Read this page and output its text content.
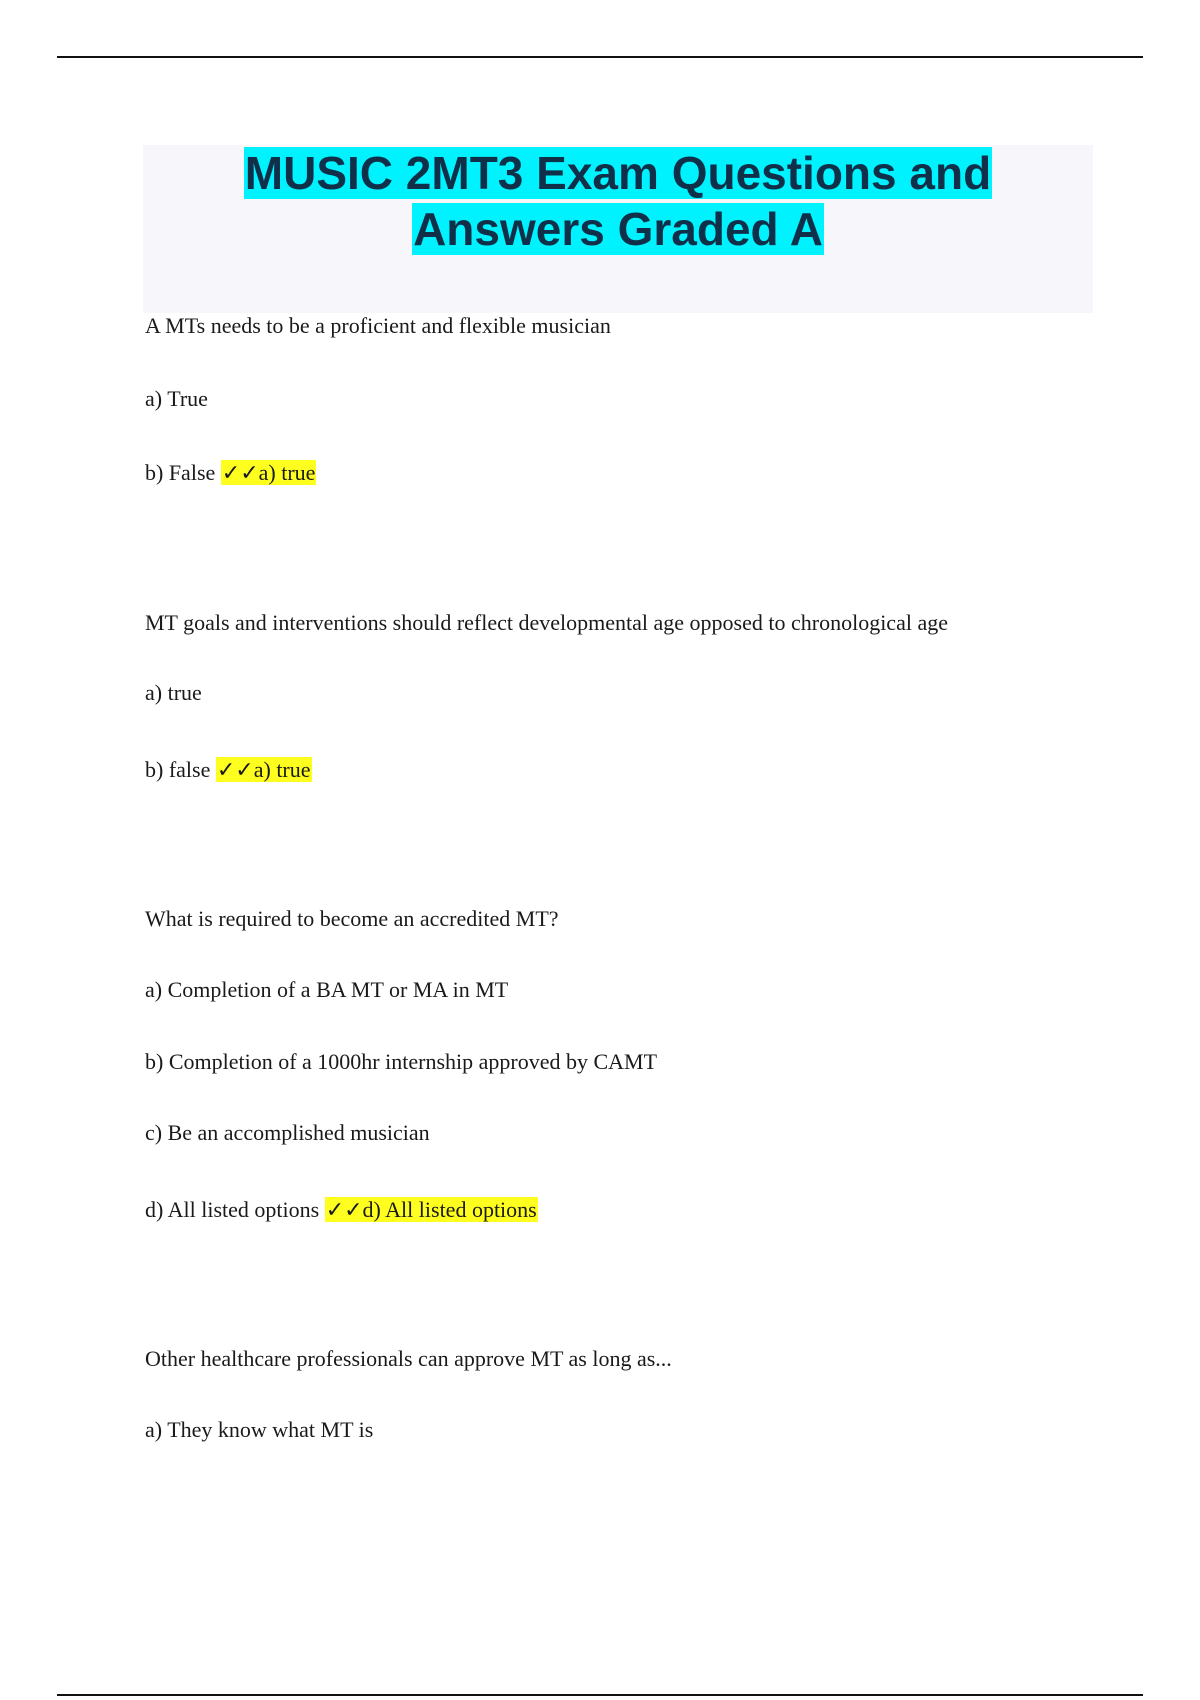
MUSIC 2MT3 Exam Questions and
Answers Graded A

A MTs needs to be a proficient and flexible musician

a) True

b) False ✓✓a) true

MT goals and interventions should reflect developmental age opposed to chronological age

a) true

b) false ✓✓a) true

What is required to become an accredited MT?

a) Completion of a BA MT or MA in MT

b) Completion of a 1000hr internship approved by CAMT

c) Be an accomplished musician

d) All listed options ✓✓d) All listed options

Other healthcare professionals can approve MT as long as...

a) They know what MT is
